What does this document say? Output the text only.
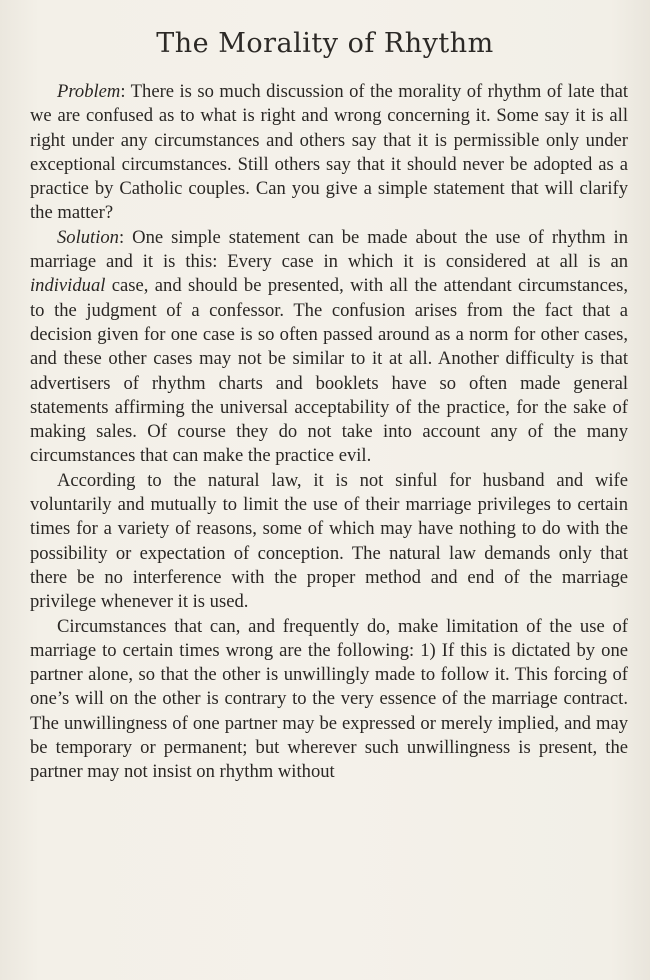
The Morality of Rhythm

Problem: There is so much discussion of the morality of rhythm of late that we are confused as to what is right and wrong concerning it. Some say it is all right under any circumstances and others say that it is permissible only under exceptional circumstances. Still others say that it should never be adopted as a practice by Catholic couples. Can you give a simple statement that will clarify the matter?

Solution: One simple statement can be made about the use of rhythm in marriage and it is this: Every case in which it is considered at all is an individual case, and should be presented, with all the attendant circumstances, to the judgment of a confessor. The confusion arises from the fact that a decision given for one case is so often passed around as a norm for other cases, and these other cases may not be similar to it at all. Another difficulty is that advertisers of rhythm charts and booklets have so often made general statements affirming the universal acceptability of the practice, for the sake of making sales. Of course they do not take into account any of the many circumstances that can make the practice evil.

According to the natural law, it is not sinful for husband and wife voluntarily and mutually to limit the use of their marriage privileges to certain times for a variety of reasons, some of which may have nothing to do with the possibility or expectation of conception. The natural law demands only that there be no interference with the proper method and end of the marriage privilege whenever it is used.

Circumstances that can, and frequently do, make limitation of the use of marriage to certain times wrong are the following: 1) If this is dictated by one partner alone, so that the other is unwillingly made to follow it. This forcing of one’s will on the other is contrary to the very essence of the marriage contract. The unwillingness of one partner may be expressed or merely implied, and may be temporary or permanent; but wherever such unwillingness is present, the partner may not insist on rhythm without
